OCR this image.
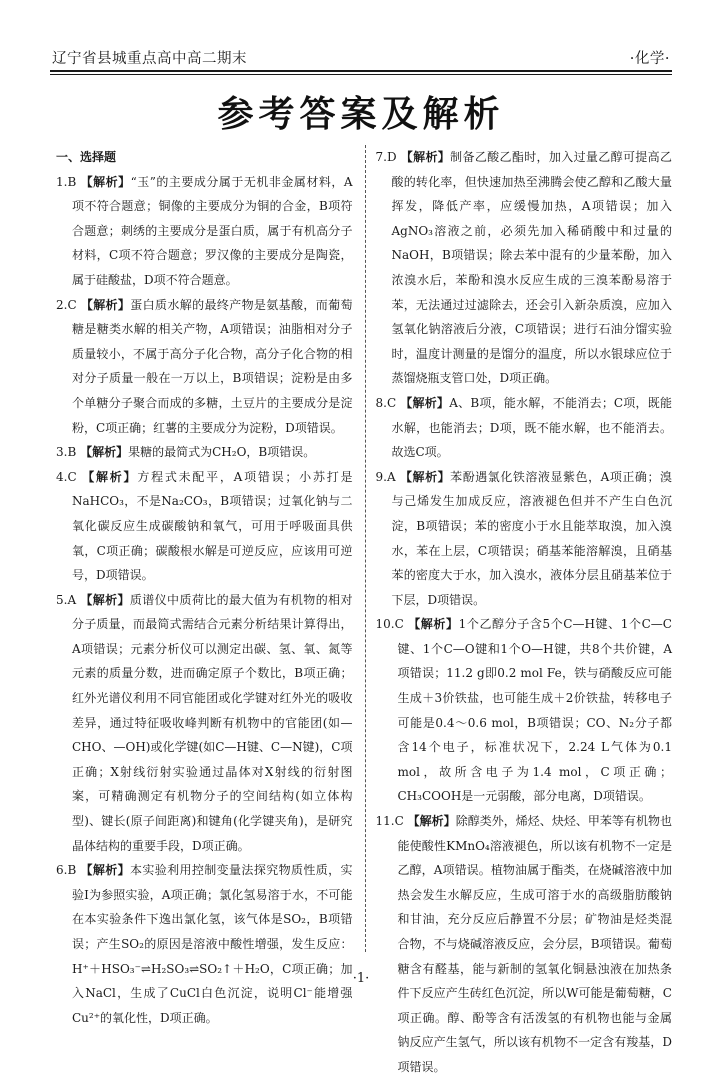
辽宁省县城重点高中高二期末	·化学·
参考答案及解析
一、选择题

1.B 【解析】“玉”的主要成分属于无机非金属材料，A项不符合题意；铜像的主要成分为铜的合金，B项符合题意；刺绣的主要成分是蛋白质，属于有机高分子材料，C项不符合题意；罗汉像的主要成分是陶瓷，属于硅酸盐，D项不符合题意。

2.C 【解析】蛋白质水解的最终产物是氨基酸，而葡萄糖是糖类水解的相关产物，A项错误；油脂相对分子质量较小，不属于高分子化合物，高分子化合物的相对分子质量一般在一万以上，B项错误；淀粉是由多个单糖分子聚合而成的多糖，土豆片的主要成分是淀粉，C项正确；红薯的主要成分为淀粉，D项错误。

3.B 【解析】果糖的最简式为CH₂O，B项错误。

4.C 【解析】方程式未配平，A项错误；小苏打是NaHCO₃，不是Na₂CO₃，B项错误；过氧化钠与二氧化碳反应生成碳酸钠和氧气，可用于呼吸面具供氧，C项正确；碳酸根水解是可逆反应，应该用可逆号，D项错误。

5.A 【解析】质谱仪中质荷比的最大值为有机物的相对分子质量，而最简式需结合元素分析结果计算得出，A项错误；元素分析仪可以测定出碳、氢、氧、氮等元素的质量分数，进而确定原子个数比，B项正确；红外光谱仪利用不同官能团或化学键对红外光的吸收差异，通过特征吸收峰判断有机物中的官能团(如—CHO、—OH)或化学键(如C—H键、C—N键)，C项正确；X射线衍射实验通过晶体对X射线的衍射图案，可精确测定有机物分子的空间结构(如立体构型)、键长(原子间距离)和键角(化学键夹角)，是研究晶体结构的重要手段，D项正确。

6.B 【解析】本实验利用控制变量法探究物质性质，实验Ⅰ为参照实验，A项正确；氯化氢易溶于水，不可能在本实验条件下逸出氯化氢，该气体是SO₂，B项错误；产生SO₂的原因是溶液中酸性增强，发生反应：H⁺＋HSO₃⁻⇌H₂SO₃⇌SO₂↑＋H₂O，C项正确；加入NaCl，生成了CuCl白色沉淀，说明Cl⁻能增强Cu²⁺的氧化性，D项正确。

7.D 【解析】制备乙酸乙酯时，加入过量乙醇可提高乙酸的转化率，但快速加热至沸腾会使乙醇和乙酸大量挥发，降低产率，应缓慢加热，A项错误；加入AgNO₃溶液之前，必须先加入稀硝酸中和过量的NaOH，B项错误；除去苯中混有的少量苯酚，加入浓溴水后，苯酚和溴水反应生成的三溴苯酚易溶于苯，无法通过过滤除去，还会引入新杂质溴，应加入氢氧化钠溶液后分液，C项错误；进行石油分馏实验时，温度计测量的是馏分的温度，所以水银球应位于蒸馏烧瓶支管口处，D项正确。

8.C 【解析】A、B项，能水解，不能消去；C项，既能水解，也能消去；D项，既不能水解，也不能消去。故选C项。

9.A 【解析】苯酚遇氯化铁溶液显紫色，A项正确；溴与己烯发生加成反应，溶液褪色但并不产生白色沉淀，B项错误；苯的密度小于水且能萃取溴，加入溴水，苯在上层，C项错误；硝基苯能溶解溴，且硝基苯的密度大于水，加入溴水，液体分层且硝基苯位于下层，D项错误。

10.C 【解析】1个乙醇分子含5个C—H键、1个C—C键、1个C—O键和1个O—H键，共8个共价键，A项错误；11.2 g即0.2 mol Fe，铁与硝酸反应可能生成＋3价铁盐，也可能生成＋2价铁盐，转移电子可能是0.4～0.6 mol，B项错误；CO、N₂分子都含14个电子，标准状况下，2.24 L气体为0.1 mol，故所含电子为1.4 mol，C项正确；CH₃COOH是一元弱酸，部分电离，D项错误。

11.C 【解析】除醇类外，烯烃、炔烃、甲苯等有机物也能使酸性KMnO₄溶液褪色，所以该有机物不一定是乙醇，A项错误。植物油属于酯类，在烧碱溶液中加热会发生水解反应，生成可溶于水的高级脂肪酸钠和甘油，充分反应后静置不分层；矿物油是烃类混合物，不与烧碱溶液反应，会分层，B项错误。葡萄糖含有醛基，能与新制的氢氧化铜悬浊液在加热条件下反应产生砖红色沉淀，所以W可能是葡萄糖，C项正确。醇、酚等含有活泼氢的有机物也能与金属钠反应产生氢气，所以该有机物不一定含有羧基，D项错误。

·1·
